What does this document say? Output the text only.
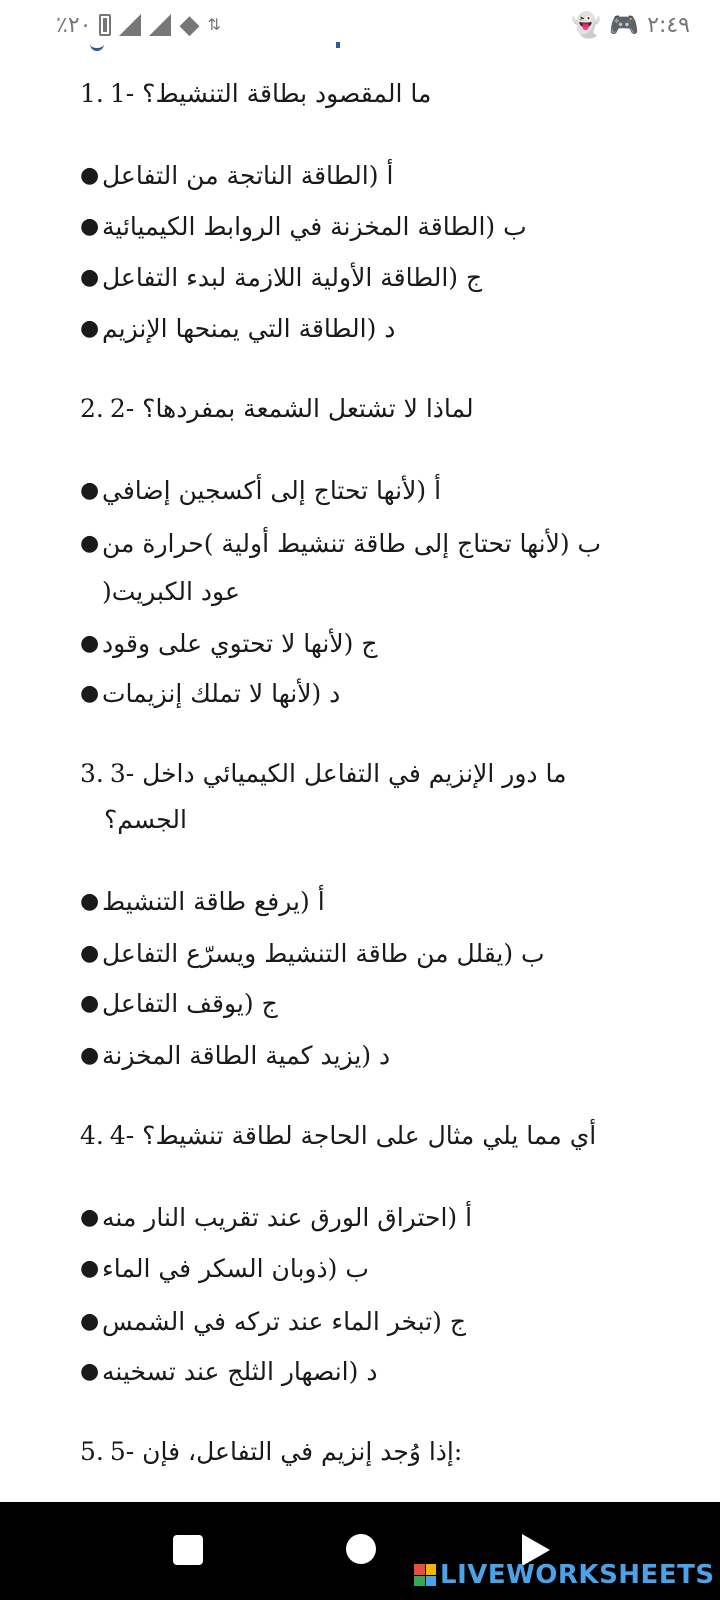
٪٢٠	◆ ⇅	👻 🎮 ٢:٤٩
1. 1- ما المقصود بطاقة التنشيط؟
● أ (الطاقة الناتجة من التفاعل
● ب (الطاقة المخزنة في الروابط الكيميائية
● ج (الطاقة الأولية اللازمة لبدء التفاعل
● د (الطاقة التي يمنحها الإنزيم
2. 2- لماذا لا تشتعل الشمعة بمفردها؟
● أ (لأنها تحتاج إلى أكسجين إضافي
● ب (لأنها تحتاج إلى طاقة تنشيط أولية )حرارة من
عود الكبريت(
● ج (لأنها لا تحتوي على وقود
● د (لأنها لا تملك إنزيمات
3. 3- ما دور الإنزيم في التفاعل الكيميائي داخل
الجسم؟
● أ (يرفع طاقة التنشيط
● ب (يقلل من طاقة التنشيط ويسرّع التفاعل
● ج (يوقف التفاعل
● د (يزيد كمية الطاقة المخزنة
4. 4- أي مما يلي مثال على الحاجة لطاقة تنشيط؟
● أ (احتراق الورق عند تقريب النار منه
● ب (ذوبان السكر في الماء
● ج (تبخر الماء عند تركه في الشمس
● د (انصهار الثلج عند تسخينه
5. 5- إذا وُجد إنزيم في التفاعل، فإن:
LIVEWORKSHEETS
